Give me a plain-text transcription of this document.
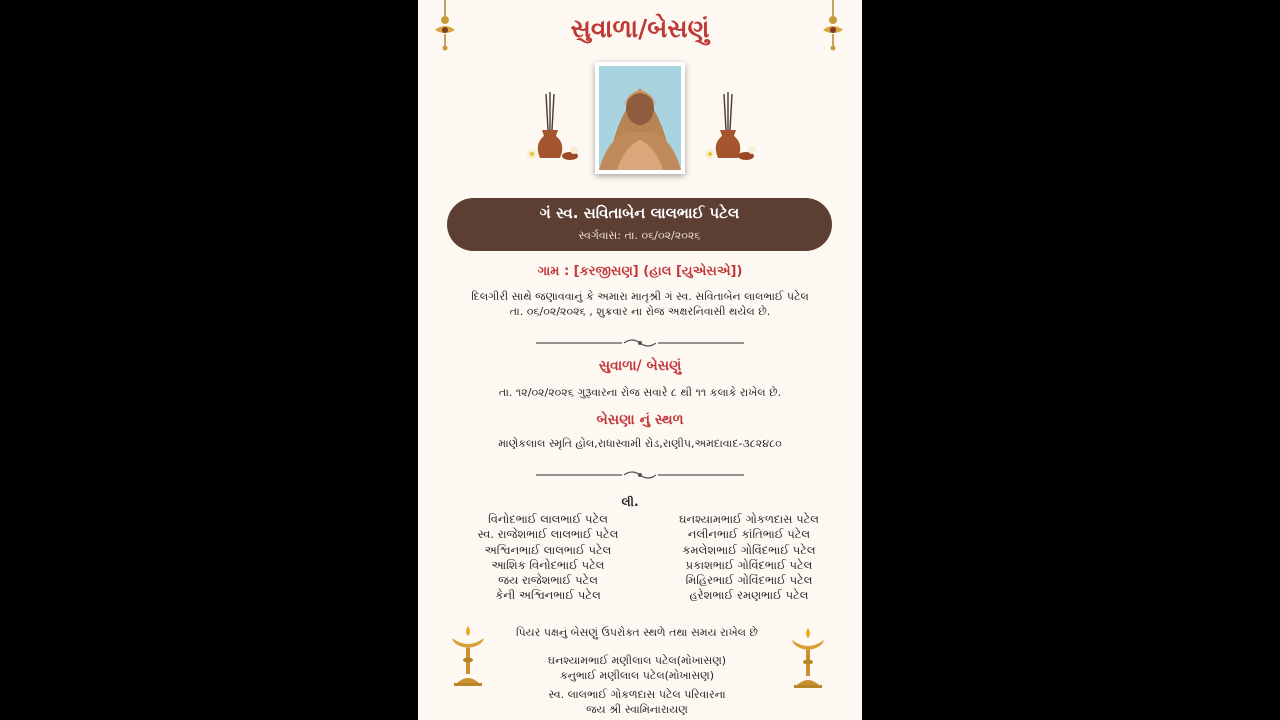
સુવાળા/બેસણું
ગં સ્વ. સવિતાબેન લાલભાઈ પટેલ
સ્વર્ગવાસ: તા. ૦૬/૦૨/૨૦૨૬
ગામ : [કરજીસણ] (હાલ [યુએસએ])
દિલગીરી સાથે જણાવવાનું કે અમારા માતૃશ્રી ગં સ્વ. સવિતાબેન લાલભાઈ પટેલ
તા. ૦૬/૦૨/૨૦૨૬ , શુક્રવાર ના રોજ અક્ષરનિવાસી થયેલ છે.
સુવાળા/ બેસણું
તા. ૧૨/૦૨/૨૦૨૬ ગુરૂવારના રોજ સવારે ૮ થી ૧૧ કલાકે રાખેલ છે.
બેસણા નું સ્થળ
માણેકલાલ સ્મૃતિ હોલ,રાધાસ્વામી રોડ,રાણીપ,અમદાવાદ-૩૮૨૪૮૦
લી.
વિનોદભાઈ લાલભાઈ પટેલ
સ્વ. રાજેશભાઈ લાલભાઈ પટેલ
અશ્વિનભાઈ લાલભાઈ પટેલ
આશિક વિનોદભાઈ પટેલ
જય રાજેશભાઈ પટેલ
કેની અશ્વિનભાઈ પટેલ
ઘનશ્યામભાઈ ગોકળદાસ પટેલ
નલીનભાઈ કાંતિભાઈ પટેલ
કમલેશભાઈ ગોવિંદભાઈ પટેલ
પ્રકાશભાઈ ગોવિંદભાઈ પટેલ
મિહિરભાઈ ગોવિંદભાઈ પટેલ
હરેશભાઈ રમણભાઈ પટેલ
પિયર પક્ષનું બેસણું ઉપરોક્ત સ્થળે તથા સમય રાખેલ છે
ઘનશ્યામભાઈ મણીલાલ પટેલ(મોખાસણ)
કનુભાઈ મણીલાલ પટેલ(મોખાસણ)
સ્વ. લાલભાઈ ગોકળદાસ પટેલ પરિવારના
જય શ્રી સ્વામિનારાયણ
